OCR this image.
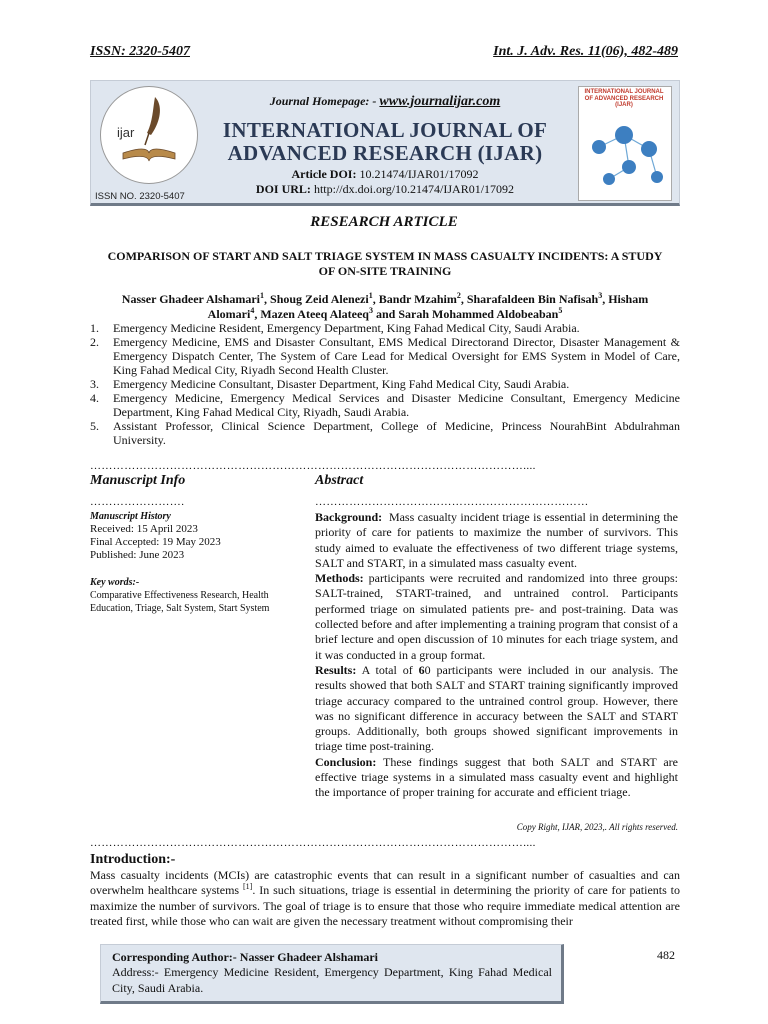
ISSN: 2320-5407	Int. J. Adv. Res. 11(06), 482-489
ijar
ISSN NO. 2320-5407
Journal Homepage: - www.journalijar.com
INTERNATIONAL JOURNAL OF
ADVANCED RESEARCH (IJAR)
Article DOI: 10.21474/IJAR01/17092
DOI URL: http://dx.doi.org/10.21474/IJAR01/17092
INTERNATIONAL JOURNAL OF ADVANCED RESEARCH (IJAR)
RESEARCH ARTICLE
COMPARISON OF START AND SALT TRIAGE SYSTEM IN MASS CASUALTY INCIDENTS: A STUDY OF ON-SITE TRAINING
Nasser Ghadeer Alshamari$^1$, Shoug Zeid Alenezi$^1$, Bandr Mzahim$^2$, Sharafaldeen Bin Nafisah$^3$, Hisham Alomari$^4$, Mazen Ateeq Alateeq$^3$ and Sarah Mohammed Aldobeaban$^5$
1. Emergency Medicine Resident, Emergency Department, King Fahad Medical City, Saudi Arabia.
2. Emergency Medicine, EMS and Disaster Consultant, EMS Medical Directorand Director, Disaster Management & Emergency Dispatch Center, The System of Care Lead for Medical Oversight for EMS System in Model of Care, King Fahad Medical City, Riyadh Second Health Cluster.
3. Emergency Medicine Consultant, Disaster Department, King Fahd Medical City, Saudi Arabia.
4. Emergency Medicine, Emergency Medical Services and Disaster Medicine Consultant, Emergency Medicine Department, King Fahad Medical City, Riyadh, Saudi Arabia.
5. Assistant Professor, Clinical Science Department, College of Medicine, Princess NourahBint Abdulrahman University.
……………………………………………………………………………………………………....
Manuscript Info
…………………….
Manuscript History
Received: 15 April 2023
Final Accepted: 19 May 2023
Published: June 2023
Key words:-
Comparative Effectiveness Research, Health Education, Triage, Salt System, Start System
Abstract
………………………………………………………………

Background: Mass casualty incident triage is essential in determining the priority of care for patients to maximize the number of survivors. This study aimed to evaluate the effectiveness of two different triage systems, SALT and START, in a simulated mass casualty event.

Methods: participants were recruited and randomized into three groups: SALT-trained, START-trained, and untrained control. Participants performed triage on simulated patients pre- and post-training. Data was collected before and after implementing a training program that consist of a brief lecture and open discussion of 10 minutes for each triage system, and it was conducted in a group format.

Results: A total of 60 participants were included in our analysis. The results showed that both SALT and START training significantly improved triage accuracy compared to the untrained control group. However, there was no significant difference in accuracy between the SALT and START groups. Additionally, both groups showed significant improvements in triage time post-training.

Conclusion: These findings suggest that both SALT and START are effective triage systems in a simulated mass casualty event and highlight the importance of proper training for accurate and efficient triage.

Copy Right, IJAR, 2023,. All rights reserved.
……………………………………………………………………………………………………....
Introduction:-
Mass casualty incidents (MCIs) are catastrophic events that can result in a significant number of casualties and can overwhelm healthcare systems [1]. In such situations, triage is essential in determining the priority of care for patients to maximize the number of survivors. The goal of triage is to ensure that those who require immediate medical attention are treated first, while those who can wait are given the necessary treatment without compromising their
Corresponding Author:- Nasser Ghadeer Alshamari
Address:- Emergency Medicine Resident, Emergency Department, King Fahad Medical City, Saudi Arabia.
482
